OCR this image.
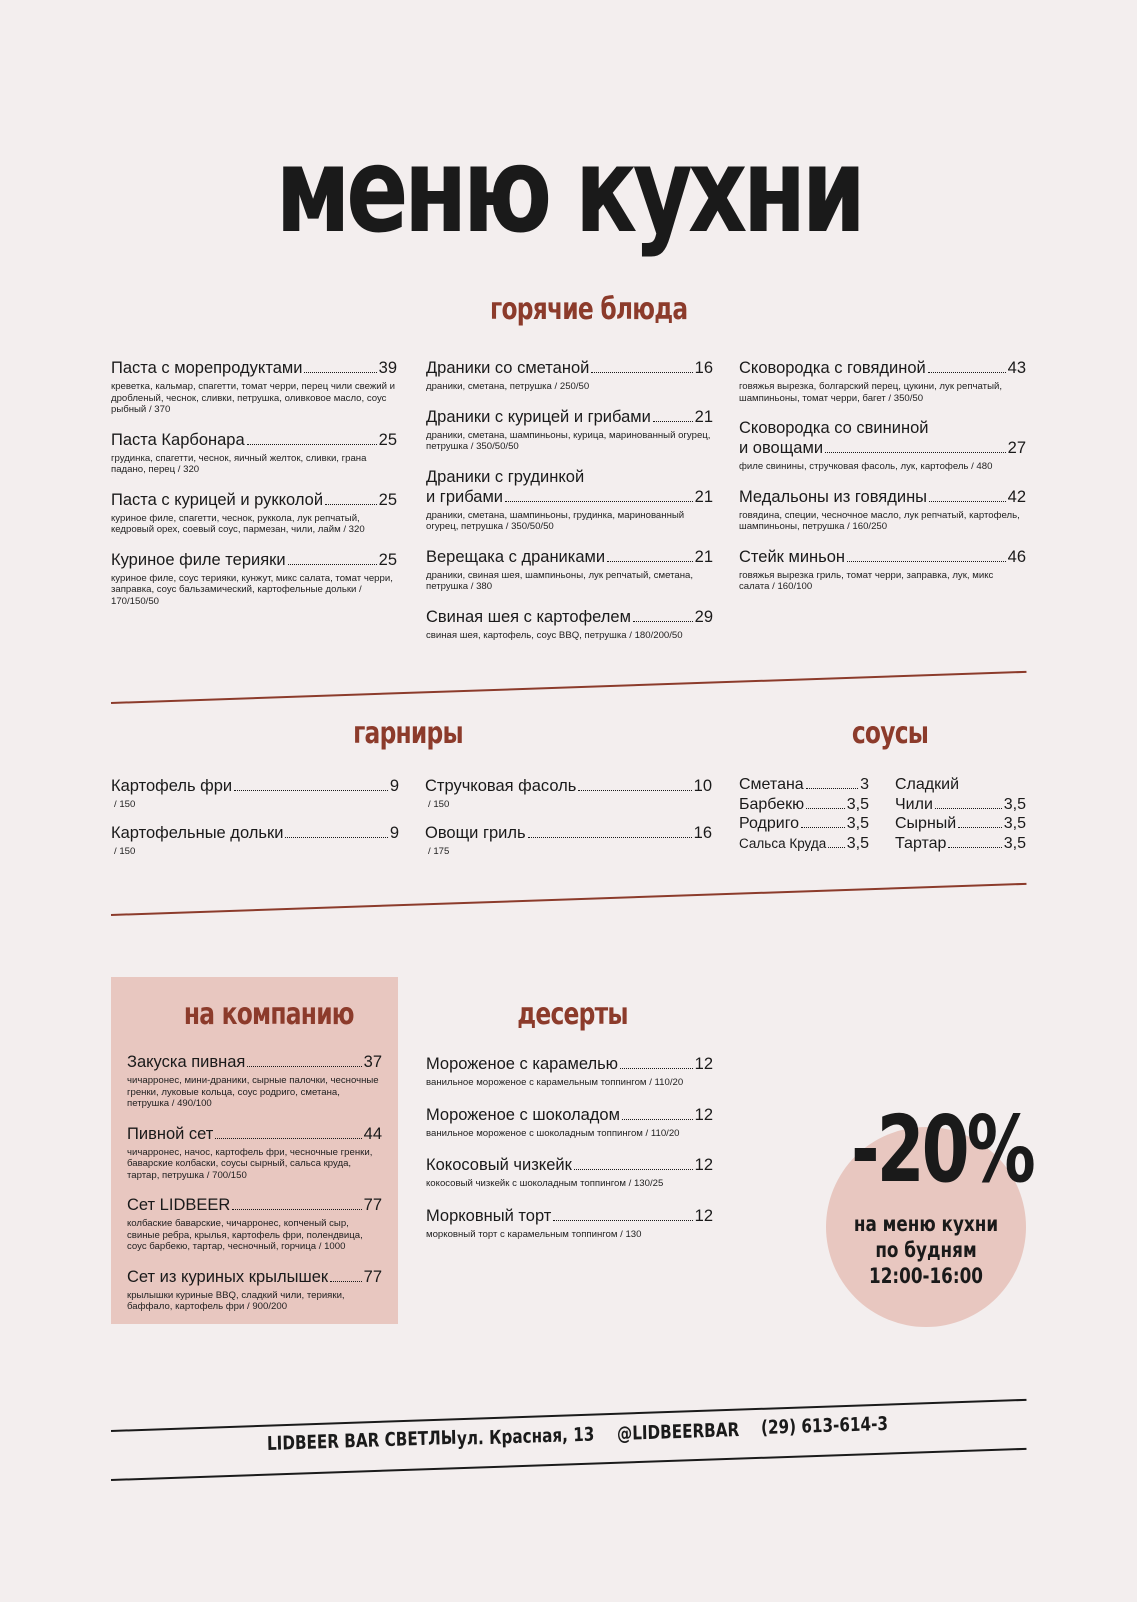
меню кухни
горячие блюда
Паста с морепродуктами	39
креветка, кальмар, спагетти, томат черри, перец чили свежий и дробленый, чеснок, сливки, петрушка, оливковое масло, соус рыбный / 370
Паста Карбонара	25
грудинка, спагетти, чеснок, яичный желток, сливки, грана падано, перец / 320
Паста с курицей и рукколой	25
куриное филе, спагетти, чеснок, руккола, лук репчатый, кедровый орех, соевый соус, пармезан, чили, лайм / 320
Куриное филе терияки	25
куриное филе, соус терияки, кунжут, микс салата, томат черри, заправка, соус бальзамический, картофельные дольки / 170/150/50
Драники со сметаной	16
драники, сметана, петрушка / 250/50
Драники с курицей и грибами	21
драники, сметана, шампиньоны, курица, маринованный огурец, петрушка / 350/50/50
Драники с грудинкой
и грибами	21
драники, сметана, шампиньоны, грудинка, маринованный огурец, петрушка / 350/50/50
Верещака с драниками	21
драники, свиная шея, шампиньоны, лук репчатый, сметана, петрушка / 380
Свиная шея с картофелем	29
свиная шея, картофель, соус BBQ, петрушка / 180/200/50
Сковородка с говядиной	43
говяжья вырезка, болгарский перец, цукини, лук репчатый, шампиньоны, томат черри, багет / 350/50
Сковородка со свининой
и овощами	27
филе свинины, стручковая фасоль, лук, картофель / 480
Медальоны из говядины	42
говядина, специи, чесночное масло, лук репчатый, картофель, шампиньоны, петрушка / 160/250
Стейк миньон	46
говяжья вырезка гриль, томат черри, заправка, лук, микс салата / 160/100
гарниры
Картофель фри	9
/ 150
Картофельные дольки	9
/ 150
Стручковая фасоль	10
/ 150
Овощи гриль	16
/ 175
соусы
Сметана	3
Барбекю	3,5
Родриго	3,5
Сальса Круда 3,5
Сладкий
Чили	3,5
Сырный	3,5
Тартар	3,5
на компанию
Закуска пивная	37
чичарронес, мини-драники, сырные палочки, чесночные гренки, луковые кольца, соус родриго, сметана, петрушка / 490/100
Пивной сет	44
чичарронес, начос, картофель фри, чесночные гренки, баварские колбаски, соусы сырный, сальса круда, тартар, петрушка / 700/150
Сет LIDBEER	77
колбаские баварские, чичарронес, копченый сыр, свиные ребра, крылья, картофель фри, полендвица, соус барбекю, тартар, чесночный, горчица / 1000
Сет из куриных крылышек 77
крылышки куриные BBQ, сладкий чили, терияки, баффало, картофель фри / 900/200
десерты
Мороженое с карамелью	12
ванильное мороженое с карамельным топпингом / 110/20
Мороженое с шоколадом	12
ванильное мороженое с шоколадным топпингом / 110/20
Кокосовый чизкейк	12
кокосовый чизкейк с шоколадным топпингом / 130/25
Морковный торт	12
морковный торт с карамельным топпингом / 130
-20%
на меню кухни
по будням
12:00-16:00
LIDBEER BAR СВЕТЛЫ ул. Красная, 13 @LIDBEERBAR (29) 613-614-3
